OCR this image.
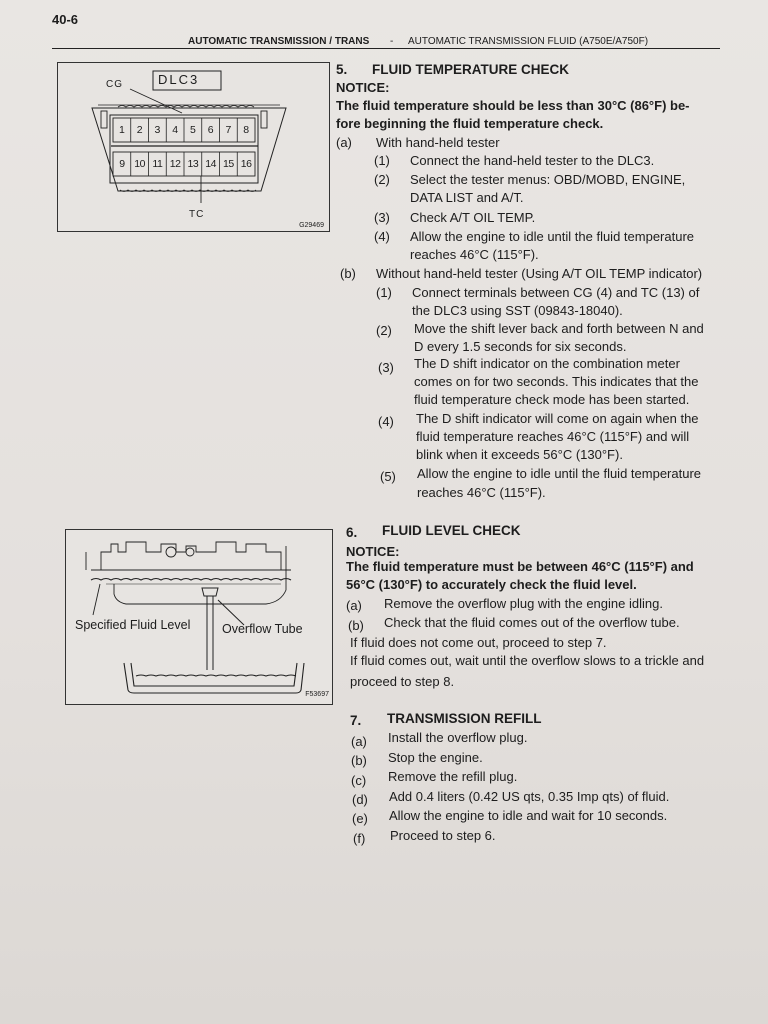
40-6
AUTOMATIC TRANSMISSION / TRANS - AUTOMATIC TRANSMISSION FLUID (A750E/A750F)
DLC3
CG
TC
G29469
1	2	3	4	5	6	7	8
9 10 11 12 13 14 15 16
Specified Fluid Level	Overflow Tube
F53697
5. FLUID TEMPERATURE CHECK
NOTICE:
The fluid temperature should be less than 30°C (86°F) be-
fore beginning the fluid temperature check.
(a) With hand-held tester
(1) Connect the hand-held tester to the DLC3.
(2) Select the tester menus: OBD/MOBD, ENGINE,
DATA LIST and A/T.
(3) Check A/T OIL TEMP.
(4) Allow the engine to idle until the fluid temperature
reaches 46°C (115°F).
(b) Without hand-held tester (Using A/T OIL TEMP indicator)
(1) Connect terminals between CG (4) and TC (13) of
the DLC3 using SST (09843-18040).
(2) Move the shift lever back and forth between N and
D every 1.5 seconds for six seconds.
(3) The D shift indicator on the combination meter
comes on for two seconds. This indicates that the
fluid temperature check mode has been started.
(4) The D shift indicator will come on again when the
fluid temperature reaches 46°C (115°F) and will
blink when it exceeds 56°C (130°F).
(5) Allow the engine to idle until the fluid temperature
reaches 46°C (115°F).
6. FLUID LEVEL CHECK
NOTICE:
The fluid temperature must be between 46°C (115°F) and
56°C (130°F) to accurately check the fluid level.
(a) Remove the overflow plug with the engine idling.
(b) Check that the fluid comes out of the overflow tube.
If fluid does not come out, proceed to step 7.
If fluid comes out, wait until the overflow slows to a trickle and
proceed to step 8.
7. TRANSMISSION REFILL
(a) Install the overflow plug.
(b) Stop the engine.
(c) Remove the refill plug.
(d) Add 0.4 liters (0.42 US qts, 0.35 Imp qts) of fluid.
(e) Allow the engine to idle and wait for 10 seconds.
(f) Proceed to step 6.
